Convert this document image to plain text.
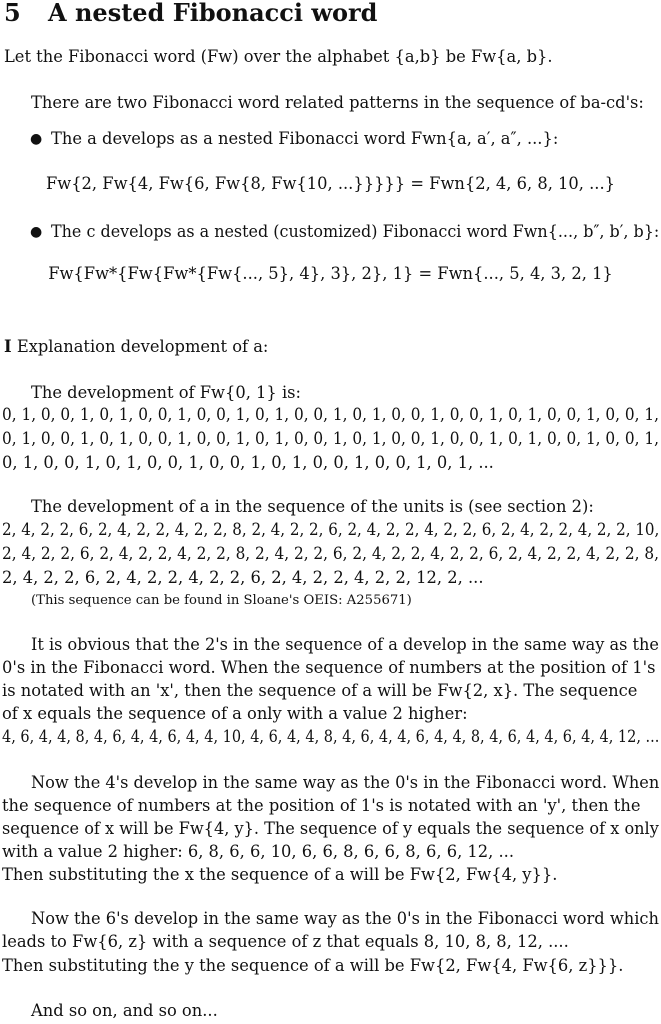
5 A nested Fibonacci word
Let the Fibonacci word (Fw) over the alphabet {a,b} be Fw{a, b}.
There are two Fibonacci word related patterns in the sequence of ba-cd's:
● The a develops as a nested Fibonacci word Fwn{a, a′, a″, ...}:
Fw{2, Fw{4, Fw{6, Fw{8, Fw{10, ...}}}}} = Fwn{2, 4, 6, 8, 10, ...}
● The c develops as a nested (customized) Fibonacci word Fwn{..., b″, b′, b}:
Fw{Fw*{Fw{Fw*{Fw{..., 5}, 4}, 3}, 2}, 1} = Fwn{..., 5, 4, 3, 2, 1}
I Explanation development of a:
The development of Fw{0, 1} is:
0, 1, 0, 0, 1, 0, 1, 0, 0, 1, 0, 0, 1, 0, 1, 0, 0, 1, 0, 1, 0, 0, 1, 0, 0, 1, 0, 1, 0, 0, 1, 0, 0, 1,
0, 1, 0, 0, 1, 0, 1, 0, 0, 1, 0, 0, 1, 0, 1, 0, 0, 1, 0, 1, 0, 0, 1, 0, 0, 1, 0, 1, 0, 0, 1, 0, 0, 1,
0, 1, 0, 0, 1, 0, 1, 0, 0, 1, 0, 0, 1, 0, 1, 0, 0, 1, 0, 0, 1, 0, 1, ...
The development of a in the sequence of the units is (see section 2):
2, 4, 2, 2, 6, 2, 4, 2, 2, 4, 2, 2, 8, 2, 4, 2, 2, 6, 2, 4, 2, 2, 4, 2, 2, 6, 2, 4, 2, 2, 4, 2, 2, 10,
2, 4, 2, 2, 6, 2, 4, 2, 2, 4, 2, 2, 8, 2, 4, 2, 2, 6, 2, 4, 2, 2, 4, 2, 2, 6, 2, 4, 2, 2, 4, 2, 2, 8,
2, 4, 2, 2, 6, 2, 4, 2, 2, 4, 2, 2, 6, 2, 4, 2, 2, 4, 2, 2, 12, 2, ...
(This sequence can be found in Sloane's OEIS: A255671)
It is obvious that the 2's in the sequence of a develop in the same way as the
0's in the Fibonacci word. When the sequence of numbers at the position of 1's
is notated with an 'x', then the sequence of a will be Fw{2, x}. The sequence
of x equals the sequence of a only with a value 2 higher:
4, 6, 4, 4, 8, 4, 6, 4, 4, 6, 4, 4, 10, 4, 6, 4, 4, 8, 4, 6, 4, 4, 6, 4, 4, 8, 4, 6, 4, 4, 6, 4, 4, 12, ...
Now the 4's develop in the same way as the 0's in the Fibonacci word. When
the sequence of numbers at the position of 1's is notated with an 'y', then the
sequence of x will be Fw{4, y}. The sequence of y equals the sequence of x only
with a value 2 higher: 6, 8, 6, 6, 10, 6, 6, 8, 6, 6, 8, 6, 6, 12, ...
Then substituting the x the sequence of a will be Fw{2, Fw{4, y}}.
Now the 6's develop in the same way as the 0's in the Fibonacci word which
leads to Fw{6, z} with a sequence of z that equals 8, 10, 8, 8, 12, ....
Then substituting the y the sequence of a will be Fw{2, Fw{4, Fw{6, z}}}.
And so on, and so on...
